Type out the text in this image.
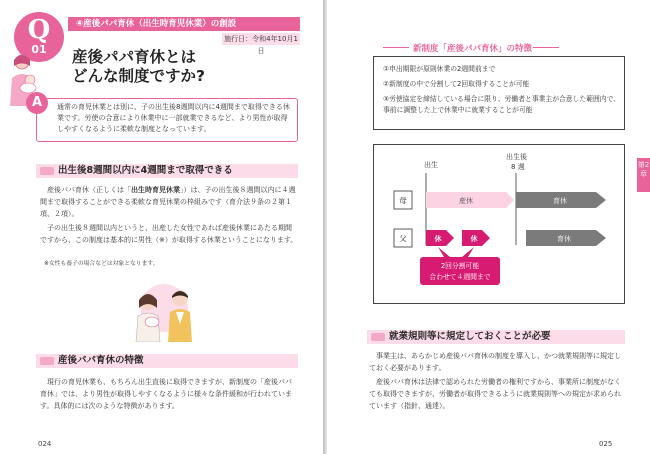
Q
01
④産後パパ育休（出生時育児休業）の創設
施行日：令和4年10月1日
産後パパ育休とは
どんな制度ですか?
通常の育児休業とは別に、子の出生後8週間以内に4週間まで取得できる休業です。労使の合意により休業中に一部就業できるなど、より男性が取得しやすくなるように柔軟な制度となっています。
A
出生後8週間以内に4週間まで取得できる

産後パパ育休（正しくは「出生時育児休業」）は、子の出生後８週間以内に４週間まで取得することができる柔軟な育児休業の枠組みです（育介法９条の２第１項、２項）。

子の出生後８週間以内というと、出産した女性であれば産後休業にあたる期間ですから、この制度は基本的に男性（※）が取得する休業ということになります。

※女性も養子の場合などは対象となります。
産後パパ育休の特徴

現行の育児休業も、もちろん出生直後に取得できますが、新制度の「産後パパ育休」では、より男性が取得しやすくなるように様々な条件緩和が行われています。具体的には次のような特徴があります。

024
新制度「産後パパ育休」の特徴
①申出期限が原則休業の2週間前まで
②新制度の中で分割して2回取得することが可能
③労使協定を締結している場合に限り、労働者と事業主が合意した範囲内で、事前に調整した上で休業中に就業することが可能
第2章
出生
出生後
8 週
母	産休	育休
父	休	休	育休
2回分割可能
合わせて４週間まで
就業規則等に規定しておくことが必要

事業主は、あらかじめ産後パパ育休の制度を導入し、かつ就業規則等に規定しておく必要があります。

産後パパ育休は法律で認められた労働者の権利ですから、事業所に制度がなくても取得できますが、労働者が取得できるように就業規則等への規定が求められています（指針、通達）。

025
